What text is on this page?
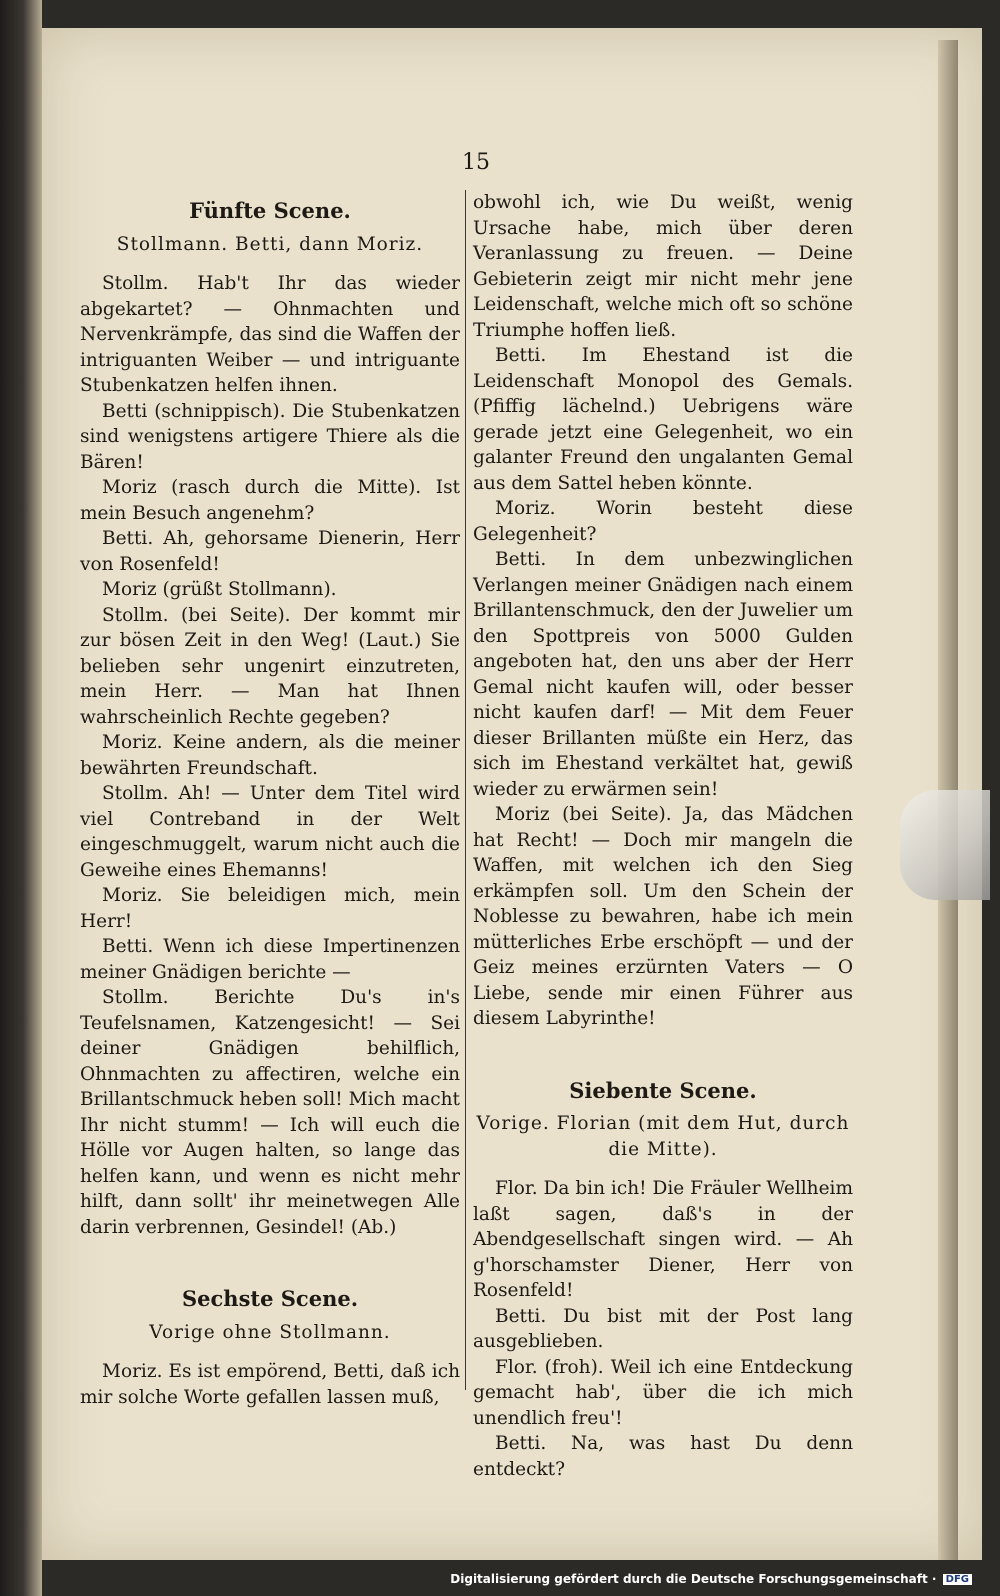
15
Fünfte Scene.
Stollmann. Betti, dann Moriz.

Stollm. Hab't Ihr das wieder abgekartet? — Ohnmachten und Nervenkrämpfe, das sind die Waffen der intriguanten Weiber — und intriguante Stubenkatzen helfen ihnen.

Betti (schnippisch). Die Stubenkatzen sind wenigstens artigere Thiere als die Bären!

Moriz (rasch durch die Mitte). Ist mein Besuch angenehm?

Betti. Ah, gehorsame Dienerin, Herr von Rosenfeld!

Moriz (grüßt Stollmann).

Stollm. (bei Seite). Der kommt mir zur bösen Zeit in den Weg! (Laut.) Sie belieben sehr ungenirt einzutreten, mein Herr. — Man hat Ihnen wahrscheinlich Rechte gegeben?

Moriz. Keine andern, als die meiner bewährten Freundschaft.

Stollm. Ah! — Unter dem Titel wird viel Contreband in der Welt eingeschmuggelt, warum nicht auch die Geweihe eines Ehemanns!

Moriz. Sie beleidigen mich, mein Herr!

Betti. Wenn ich diese Impertinenzen meiner Gnädigen berichte —

Stollm. Berichte Du's in's Teufelsnamen, Katzengesicht! — Sei deiner Gnädigen behilflich, Ohnmachten zu affectiren, welche ein Brillantschmuck heben soll! Mich macht Ihr nicht stumm! — Ich will euch die Hölle vor Augen halten, so lange das helfen kann, und wenn es nicht mehr hilft, dann sollt' ihr meinetwegen Alle darin verbrennen, Gesindel! (Ab.)

Sechste Scene.
Vorige ohne Stollmann.

Moriz. Es ist empörend, Betti, daß ich mir solche Worte gefallen lassen muß,

obwohl ich, wie Du weißt, wenig Ursache habe, mich über deren Veranlassung zu freuen. — Deine Gebieterin zeigt mir nicht mehr jene Leidenschaft, welche mich oft so schöne Triumphe hoffen ließ.

Betti. Im Ehestand ist die Leidenschaft Monopol des Gemals. (Pfiffig lächelnd.) Uebrigens wäre gerade jetzt eine Gelegenheit, wo ein galanter Freund den ungalanten Gemal aus dem Sattel heben könnte.

Moriz. Worin besteht diese Gelegenheit?

Betti. In dem unbezwinglichen Verlangen meiner Gnädigen nach einem Brillantenschmuck, den der Juwelier um den Spottpreis von 5000 Gulden angeboten hat, den uns aber der Herr Gemal nicht kaufen will, oder besser nicht kaufen darf! — Mit dem Feuer dieser Brillanten müßte ein Herz, das sich im Ehestand verkältet hat, gewiß wieder zu erwärmen sein!

Moriz (bei Seite). Ja, das Mädchen hat Recht! — Doch mir mangeln die Waffen, mit welchen ich den Sieg erkämpfen soll. Um den Schein der Noblesse zu bewahren, habe ich mein mütterliches Erbe erschöpft — und der Geiz meines erzürnten Vaters — O Liebe, sende mir einen Führer aus diesem Labyrinthe!

Siebente Scene.
Vorige. Florian (mit dem Hut, durch die Mitte).

Flor. Da bin ich! Die Fräuler Wellheim laßt sagen, daß's in der Abendgesellschaft singen wird. — Ah g'horschamster Diener, Herr von Rosenfeld!

Betti. Du bist mit der Post lang ausgeblieben.

Flor. (froh). Weil ich eine Entdeckung gemacht hab', über die ich mich unendlich freu'!

Betti. Na, was hast Du denn entdeckt?

Digitalisierung gefördert durch die Deutsche Forschungsgemeinschaft · DFG
